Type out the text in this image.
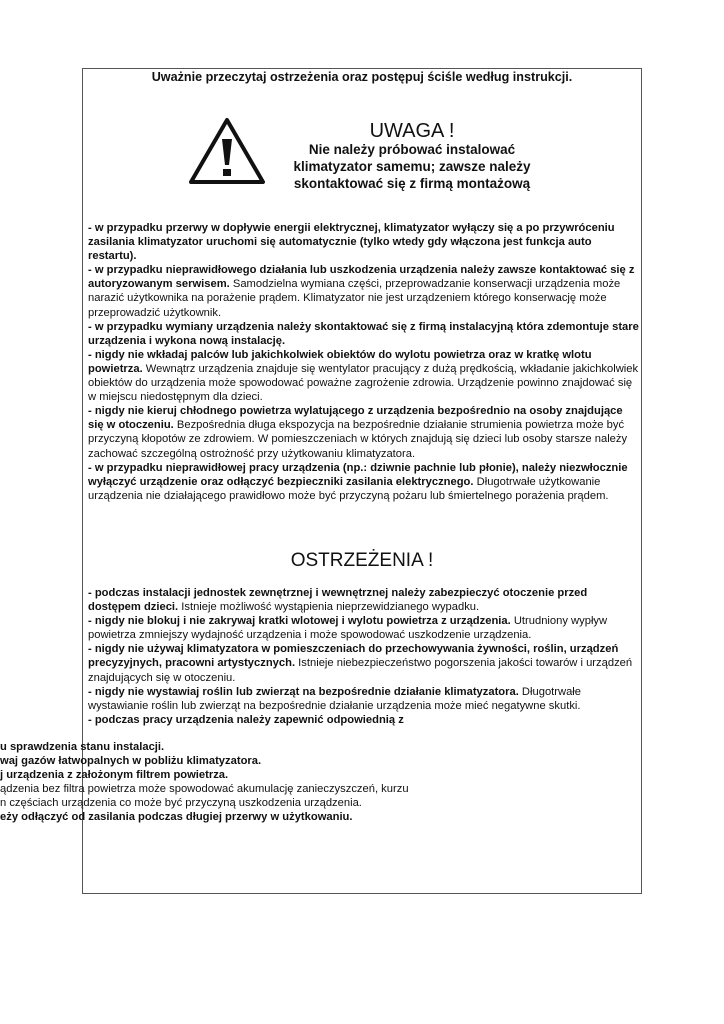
Uważnie przeczytaj ostrzeżenia oraz postępuj ściśle według instrukcji.
UWAGA !
Nie należy próbować instalować
klimatyzator samemu; zawsze należy
skontaktować się z firmą montażową

- w przypadku przerwy w dopływie energii elektrycznej, klimatyzator wyłączy się a po przywróceniu zasilania klimatyzator uruchomi się automatycznie (tylko wtedy gdy włączona jest funkcja auto restartu).

- w przypadku nieprawidłowego działania lub uszkodzenia urządzenia należy zawsze kontaktować się z autoryzowanym serwisem. Samodzielna wymiana części, przeprowadzanie konserwacji urządzenia może narazić użytkownika na porażenie prądem. Klimatyzator nie jest urządzeniem którego konserwację może przeprowadzić użytkownik.

- w przypadku wymiany urządzenia należy skontaktować się z firmą instalacyjną która zdemontuje stare urządzenia i wykona nową instalację.

- nigdy nie wkładaj palców lub jakichkolwiek obiektów do wylotu powietrza oraz w kratkę wlotu powietrza. Wewnątrz urządzenia znajduje się wentylator pracujący z dużą prędkością, wkładanie jakichkolwiek obiektów do urządzenia może spowodować poważne zagrożenie zdrowia. Urządzenie powinno znajdować się w miejscu niedostępnym dla dzieci.

- nigdy nie kieruj chłodnego powietrza wylatującego z urządzenia bezpośrednio na osoby znajdujące się w otoczeniu. Bezpośrednia długa ekspozycja na bezpośrednie działanie strumienia powietrza może być przyczyną kłopotów ze zdrowiem. W pomieszczeniach w których znajdują się dzieci lub osoby starsze należy zachować szczególną ostrożność przy użytkowaniu klimatyzatora.

- w przypadku nieprawidłowej pracy urządzenia (np.: dziwnie pachnie lub płonie), należy niezwłocznie wyłączyć urządzenie oraz odłączyć bezpieczniki zasilania elektrycznego. Długotrwałe użytkowanie urządzenia nie działającego prawidłowo może być przyczyną pożaru lub śmiertelnego porażenia prądem.

OSTRZEŻENIA !

- podczas instalacji jednostek zewnętrznej i wewnętrznej należy zabezpieczyć otoczenie przed dostępem dzieci. Istnieje możliwość wystąpienia nieprzewidzianego wypadku.

- nigdy nie blokuj i nie zakrywaj kratki wlotowej i wylotu powietrza z urządzenia. Utrudniony wypływ powietrza zmniejszy wydajność urządzenia i może spowodować uszkodzenie urządzenia.

- nigdy nie używaj klimatyzatora w pomieszczeniach do przechowywania żywności, roślin, urządzeń precyzyjnych, pracowni artystycznych. Istnieje niebezpieczeństwo pogorszenia jakości towarów i urządzeń znajdujących się w otoczeniu.

- nigdy nie wystawiaj roślin lub zwierząt na bezpośrednie działanie klimatyzatora. Długotrwałe wystawianie roślin lub zwierząt na bezpośrednie działanie urządzenia może mieć negatywne skutki.

- podczas pracy urządzenia należy zapewnić odpowiednią z

u sprawdzenia stanu instalacji.

waj gazów łatwopalnych w pobliżu klimatyzatora.

j urządzenia z założonym filtrem powietrza.

ądzenia bez filtra powietrza może spowodować akumulację zanieczyszczeń, kurzu

n częściach urządzenia co może być przyczyną uszkodzenia urządzenia.

eży odłączyć od zasilania podczas długiej przerwy w użytkowaniu.
